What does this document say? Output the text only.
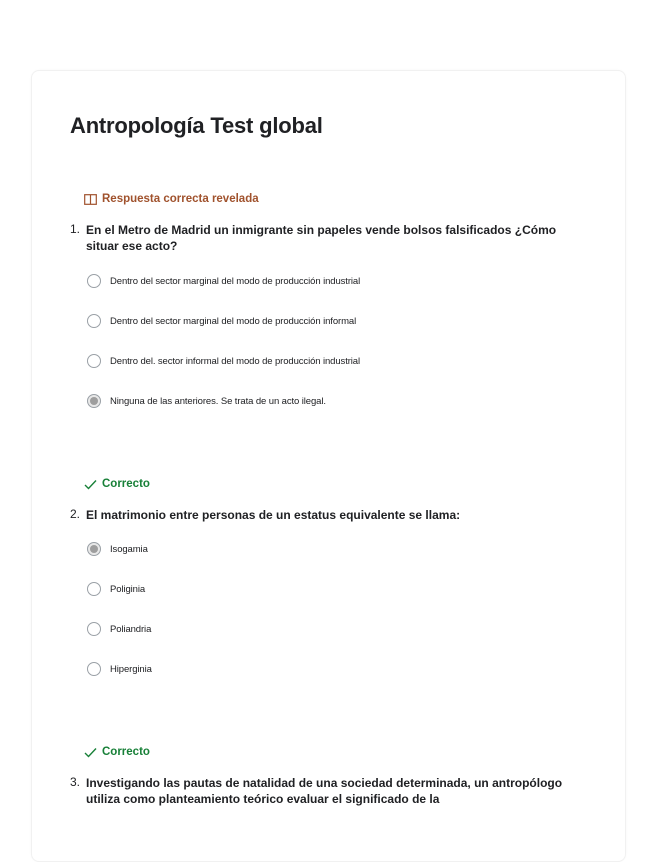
Antropología Test global
Respuesta correcta revelada
1. En el Metro de Madrid un inmigrante sin papeles vende bolsos falsificados ¿Cómo situar ese acto?
Dentro del sector marginal del modo de producción industrial
Dentro del sector marginal del modo de producción informal
Dentro del. sector informal del modo de producción industrial
Ninguna de las anteriores. Se trata de un acto ilegal.
Correcto
2. El matrimonio entre personas de un estatus equivalente se llama:
Isogamia
Poliginia
Poliandria
Hiperginia
Correcto
3. Investigando las pautas de natalidad de una sociedad determinada, un antropólogo utiliza como planteamiento teórico evaluar el significado de la
